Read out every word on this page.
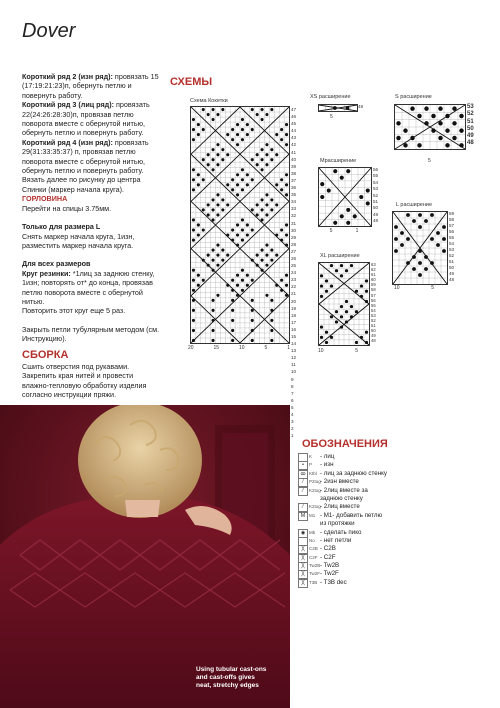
Dover

Короткий ряд 2 (изн ряд): провязать 15 (17:19:21:23)п, обернуть петлю и повернуть работу.

Короткий ряд 3 (лиц ряд): провязать 22(24:26:28:30)п, провязав петлю поворота вместе с обернутой нитью, обернуть петлю и повернуть работу.

Короткий ряд 4 (изн ряд): провязать 29(31:33:35:37) п, провязав петлю поворота вместе с обернутой нитью, обернуть петлю и повернуть работу. Вязать далее по рисунку до центра Спинки (маркер начала круга).

ГОРЛОВИНА

Перейти на спицы 3.75мм.

Только для размера L

Снять маркер начала круга, 1изн, разместить маркер начала круга.

Для всех размеров

Круг резинки: *1лиц за заднюю стенку, 1изн; повторять от* до конца, провязав петлю поворота вместе с обернутой нитью.

Повторить этот круг еще 5 раз.

Закрыть петли тубулярным методом (см. Инструкцию).

СБОРКА

Сшить отверстия под рукавами. Закрепить края нитей и провести влажно-тепловую обработку изделия согласно инструкции пряжи.

СХЕМЫ
Схема Кокетки
47
46
45
44
43
42
41
40
39
38
37
36
35
34
33
32
31
30
29
28
27
26
25
24
23
22
21
20
19
18
17
16
15
14
13
12
11
10
9
8
7
6
5
4
3
2
1
20	15	10	5	1
XS расширение
48
5
S расширение
53
52
51
50
49
48
5
Mрасширение
56
55
54
53
52
51
50
49
48
5	1
L расширение
59
58
57
56
55
54
53
52
51
50
49
48
10	5
XL расширение
63
62
61
60
59
58
57
56
55
54
53
52
51
50
49
48
10	5
Using tubular cast-ons and cast-offs gives neat, stretchy edges
ОБОЗНАЧЕНИЯ
K - лиц
•	P - изн
ꝏ Ktbl - лиц за заднюю стенку
⁄	P2tog - 2изн вместе
⁄	K2tog - 2лиц вместе за
заднюю стенку
⁄	K2tog - 2лиц вместе
M M1 - M1- добавить петлю
из протяжки
◉ Mb - сделать пико
No - нет петли
╳	C2B - C2B
╳	C2F - C2F
╳	Tw2B - Tw2B
╳	Tw2F - Tw2F
╳	T3B - T3B dec
